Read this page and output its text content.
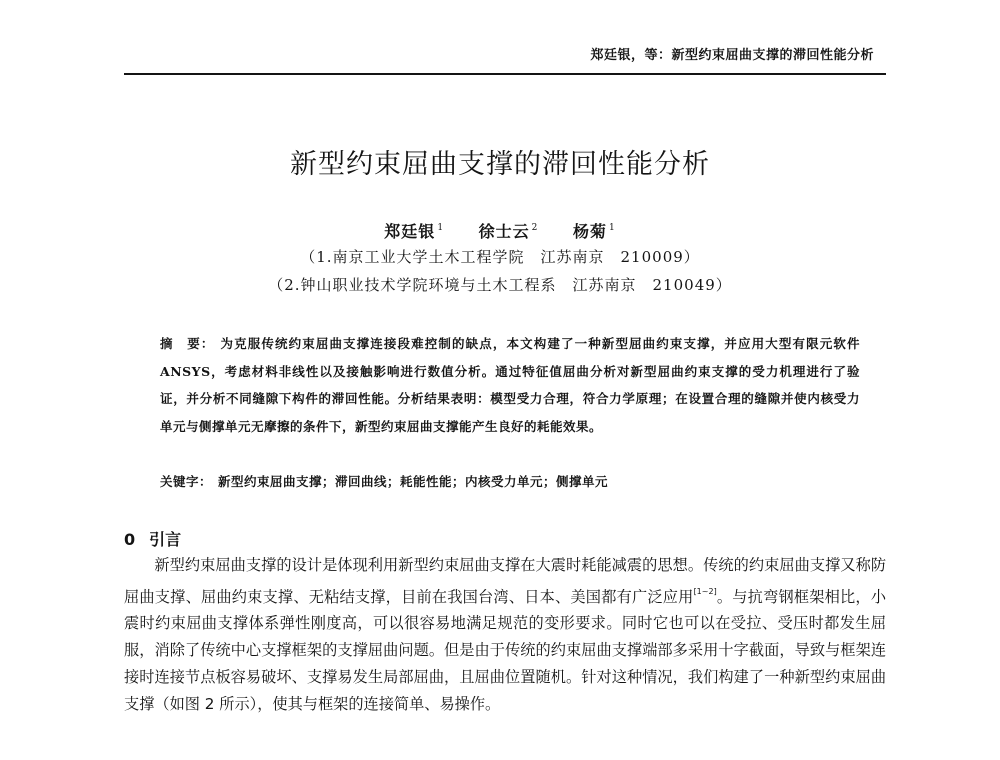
郑廷银，等：新型约束屈曲支撑的滞回性能分析
新型约束屈曲支撑的滞回性能分析
郑廷银 $^1$ 徐士云 $^2$ 杨菊 $^1$
（1.南京工业大学土木工程学院　江苏南京　210009）
（2.钟山职业技术学院环境与土木工程系　江苏南京　210049）
摘　要： 为克服传统约束屈曲支撑连接段难控制的缺点，本文构建了一种新型屈曲约束支撑，并应用大型有限元软件 ANSYS，考虑材料非线性以及接触影响进行数值分析。通过特征值屈曲分析对新型屈曲约束支撑的受力机理进行了验证，并分析不同缝隙下构件的滞回性能。分析结果表明：模型受力合理，符合力学原理；在设置合理的缝隙并使内核受力单元与侧撑单元无摩擦的条件下，新型约束屈曲支撑能产生良好的耗能效果。
关键字： 新型约束屈曲支撑；滞回曲线；耗能性能；内核受力单元；侧撑单元
0 引言

新型约束屈曲支撑的设计是体现利用新型约束屈曲支撑在大震时耗能减震的思想。传统的约束屈曲支撑又称防屈曲支撑、屈曲约束支撑、无粘结支撑，目前在我国台湾、日本、美国都有广泛应用[1~2]。与抗弯钢框架相比，小震时约束屈曲支撑体系弹性刚度高，可以很容易地满足规范的变形要求。同时它也可以在受拉、受压时都发生屈服，消除了传统中心支撑框架的支撑屈曲问题。但是由于传统的约束屈曲支撑端部多采用十字截面，导致与框架连接时连接节点板容易破坏、支撑易发生局部屈曲，且屈曲位置随机。针对这种情况，我们构建了一种新型约束屈曲支撑（如图 2 所示），使其与框架的连接简单、易操作。
